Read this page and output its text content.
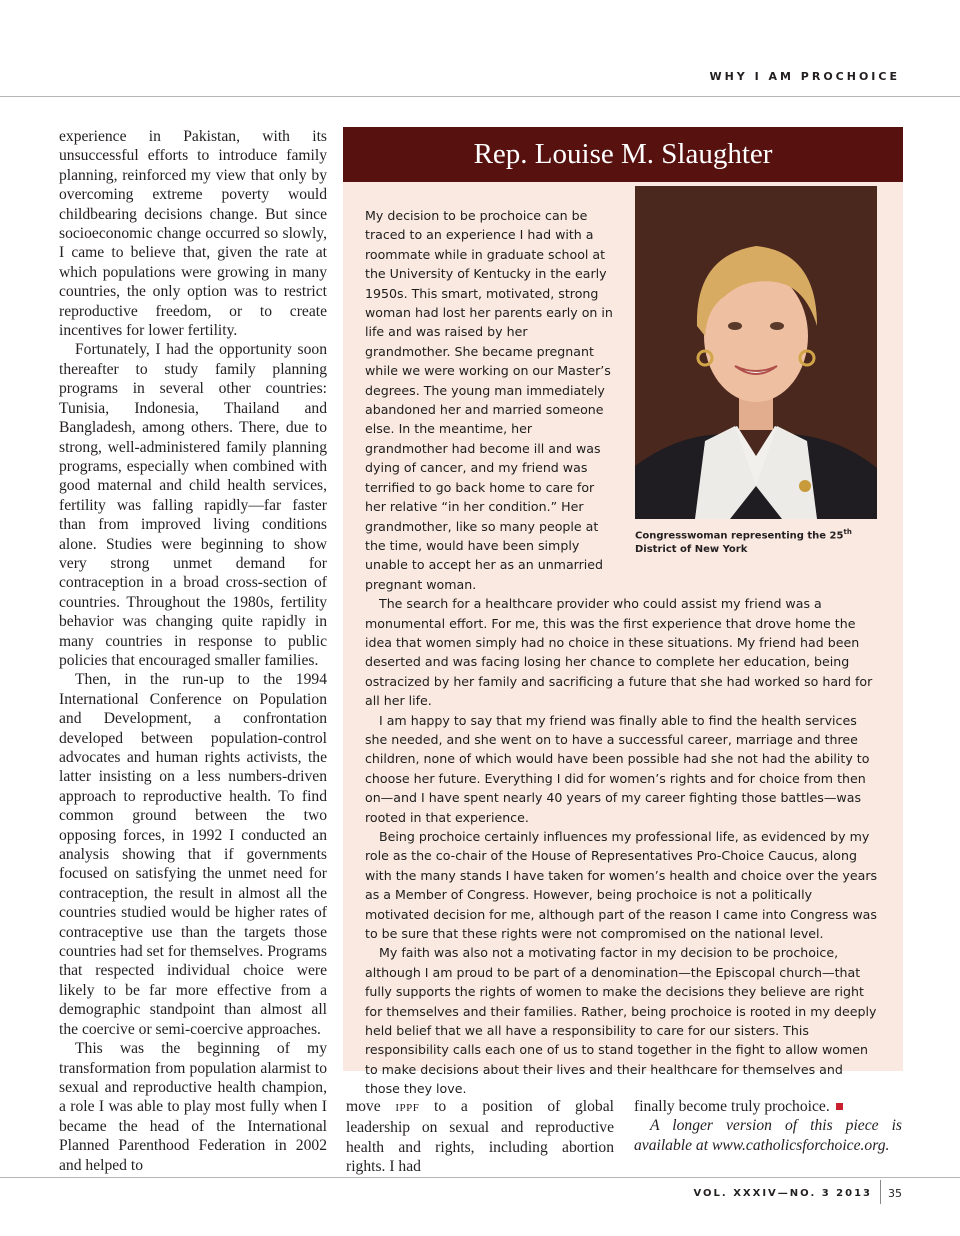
WHY I AM PROCHOICE

experience in Pakistan, with its unsuccessful efforts to introduce family planning, reinforced my view that only by overcoming extreme poverty would childbearing decisions change. But since socioeconomic change occurred so slowly, I came to believe that, given the rate at which populations were growing in many countries, the only option was to restrict reproductive freedom, or to create incentives for lower fertility.

Fortunately, I had the opportunity soon thereafter to study family planning programs in several other countries: Tunisia, Indonesia, Thailand and Bangladesh, among others. There, due to strong, well-administered family planning programs, especially when combined with good maternal and child health services, fertility was falling rapidly—far faster than from improved living conditions alone. Studies were beginning to show very strong unmet demand for contraception in a broad cross-section of countries. Throughout the 1980s, fertility behavior was changing quite rapidly in many countries in response to public policies that encouraged smaller families.

Then, in the run-up to the 1994 International Conference on Population and Development, a confrontation developed between population-control advocates and human rights activists, the latter insisting on a less numbers-driven approach to reproductive health. To find common ground between the two opposing forces, in 1992 I conducted an analysis showing that if governments focused on satisfying the unmet need for contraception, the result in almost all the countries studied would be higher rates of contraceptive use than the targets those countries had set for themselves. Programs that respected individual choice were likely to be far more effective from a demographic standpoint than almost all the coercive or semi-coercive approaches.

This was the beginning of my transformation from population alarmist to sexual and reproductive health champion, a role I was able to play most fully when I became the head of the International Planned Parenthood Federation in 2002 and helped to

Rep. Louise M. Slaughter
Congresswoman representing the 25th District of New York

My decision to be prochoice can be traced to an experience I had with a roommate while in graduate school at the University of Kentucky in the early 1950s. This smart, motivated, strong woman had lost her parents early on in life and was raised by her grandmother. She became pregnant while we were working on our Master’s degrees. The young man immediately abandoned her and married someone else. In the meantime, her grandmother had become ill and was dying of cancer, and my friend was terrified to go back home to care for her relative “in her condition.” Her grandmother, like so many people at the time, would have been simply unable to accept her as an unmarried pregnant woman.

The search for a healthcare provider who could assist my friend was a monumental effort. For me, this was the first experience that drove home the idea that women simply had no choice in these situations. My friend had been deserted and was facing losing her chance to complete her education, being ostracized by her family and sacrificing a future that she had worked so hard for all her life.

I am happy to say that my friend was finally able to find the health services she needed, and she went on to have a successful career, marriage and three children, none of which would have been possible had she not had the ability to choose her future. Everything I did for women’s rights and for choice from then on—and I have spent nearly 40 years of my career fighting those battles—was rooted in that experience.

Being prochoice certainly influences my professional life, as evidenced by my role as the co-chair of the House of Representatives Pro-Choice Caucus, along with the many stands I have taken for women’s health and choice over the years as a Member of Congress. However, being prochoice is not a politically motivated decision for me, although part of the reason I came into Congress was to be sure that these rights were not compromised on the national level.

My faith was also not a motivating factor in my decision to be prochoice, although I am proud to be part of a denomination—the Episcopal church—that fully supports the rights of women to make the decisions they believe are right for themselves and their families. Rather, being prochoice is rooted in my deeply held belief that we all have a responsibility to care for our sisters. This responsibility calls each one of us to stand together in the fight to allow women to make decisions about their lives and their healthcare for themselves and those they love.

move IPPF to a position of global leadership on sexual and reproductive health and rights, including abortion rights. I had

finally become truly prochoice.

A longer version of this piece is available at www.catholicsforchoice.org.

VOL. XXXIV—NO. 3 2013 35
